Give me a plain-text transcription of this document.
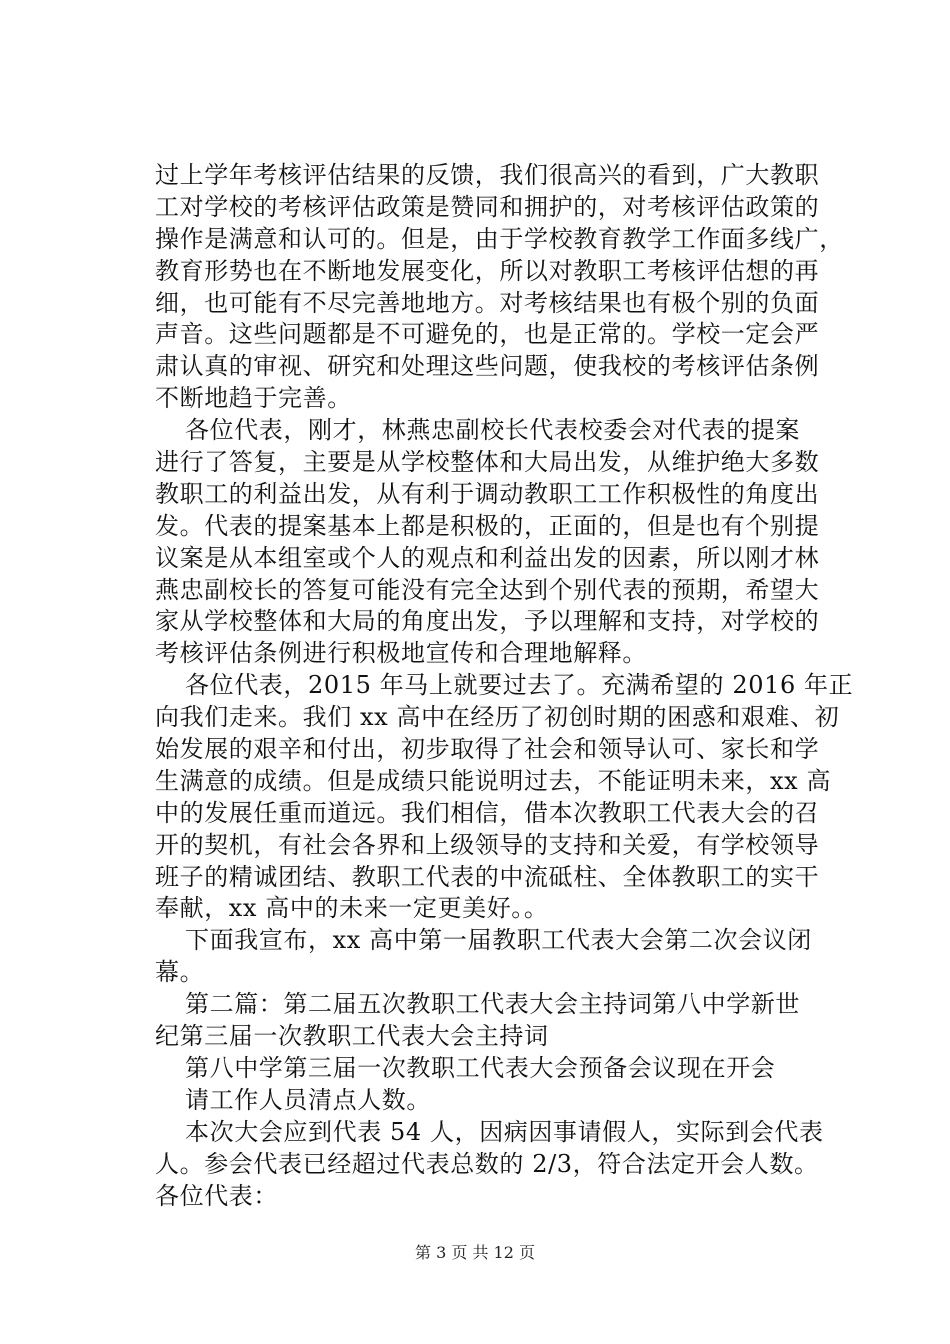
过上学年考核评估结果的反馈，我们很高兴的看到，广大教职
工对学校的考核评估政策是赞同和拥护的，对考核评估政策的
操作是满意和认可的。但是，由于学校教育教学工作面多线广，
教育形势也在不断地发展变化，所以对教职工考核评估想的再
细，也可能有不尽完善地地方。对考核结果也有极个别的负面
声音。这些问题都是不可避免的，也是正常的。学校一定会严
肃认真的审视、研究和处理这些问题，使我校的考核评估条例
不断地趋于完善。
各位代表，刚才，林燕忠副校长代表校委会对代表的提案
进行了答复，主要是从学校整体和大局出发，从维护绝大多数
教职工的利益出发，从有利于调动教职工工作积极性的角度出
发。代表的提案基本上都是积极的，正面的，但是也有个别提
议案是从本组室或个人的观点和利益出发的因素，所以刚才林
燕忠副校长的答复可能没有完全达到个别代表的预期，希望大
家从学校整体和大局的角度出发，予以理解和支持，对学校的
考核评估条例进行积极地宣传和合理地解释。
各位代表，2015 年马上就要过去了。充满希望的 2016 年正
向我们走来。我们 xx 高中在经历了初创时期的困惑和艰难、初
始发展的艰辛和付出，初步取得了社会和领导认可、家长和学
生满意的成绩。但是成绩只能说明过去，不能证明未来，xx 高
中的发展任重而道远。我们相信，借本次教职工代表大会的召
开的契机，有社会各界和上级领导的支持和关爱，有学校领导
班子的精诚团结、教职工代表的中流砥柱、全体教职工的实干
奉献，xx 高中的未来一定更美好。。
下面我宣布，xx 高中第一届教职工代表大会第二次会议闭
幕。
第二篇：第二届五次教职工代表大会主持词第八中学新世
纪第三届一次教职工代表大会主持词
第八中学第三届一次教职工代表大会预备会议现在开会
请工作人员清点人数。
本次大会应到代表 54 人，因病因事请假人，实际到会代表
人。参会代表已经超过代表总数的 2/3，符合法定开会人数。
各位代表：
第 3 页 共 12 页
